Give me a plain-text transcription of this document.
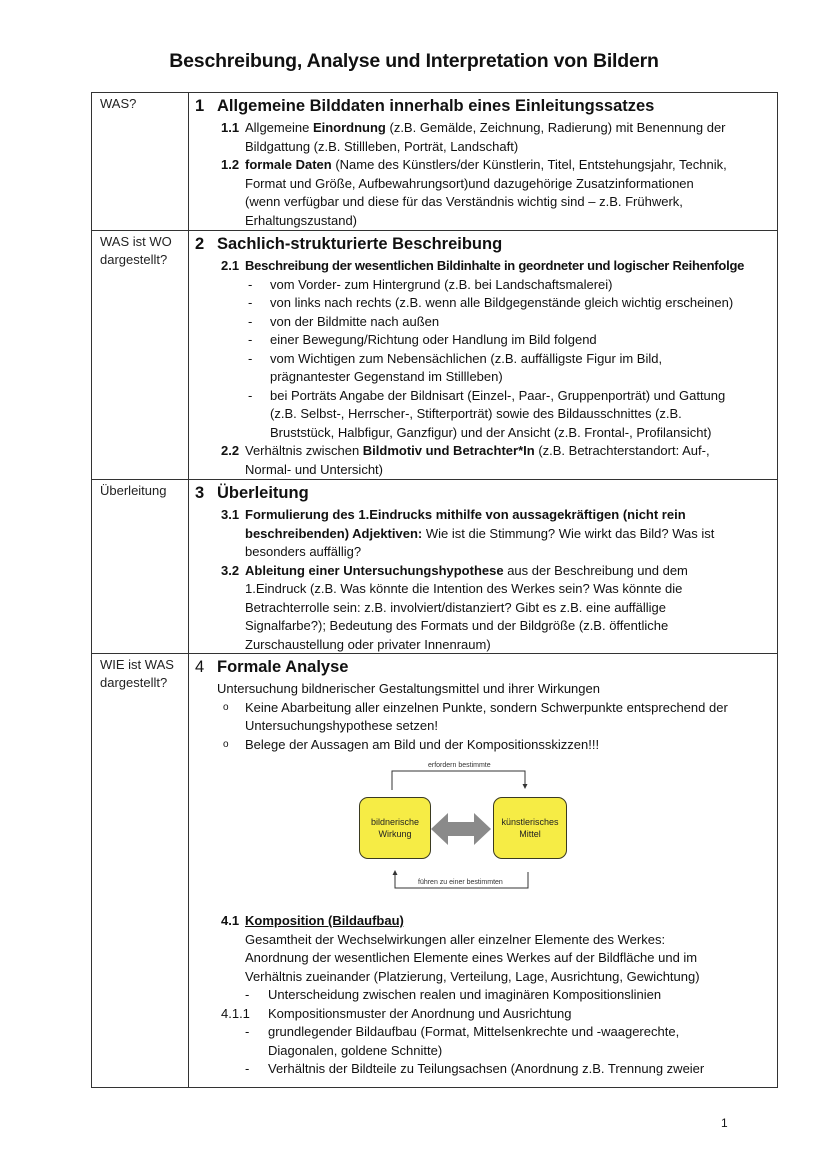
Beschreibung, Analyse und Interpretation von Bildern
WAS?	1 Allgemeine Bilddaten innerhalb eines Einleitungssatzes
1.1 Allgemeine Einordnung (z.B. Gemälde, Zeichnung, Radierung) mit Benennung der
Bildgattung (z.B. Stillleben, Porträt, Landschaft)
1.2 formale Daten (Name des Künstlers/der Künstlerin, Titel, Entstehungsjahr, Technik,
Format und Größe, Aufbewahrungsort)und dazugehörige Zusatzinformationen
(wenn verfügbar und diese für das Verständnis wichtig sind – z.B. Frühwerk,
Erhaltungszustand)
WAS ist WO dargestellt?
2 Sachlich-strukturierte Beschreibung
2.1 Beschreibung der wesentlichen Bildinhalte in geordneter und logischer Reihenfolge
- vom Vorder- zum Hintergrund (z.B. bei Landschaftsmalerei)
- von links nach rechts (z.B. wenn alle Bildgegenstände gleich wichtig erscheinen)
- von der Bildmitte nach außen
- einer Bewegung/Richtung oder Handlung im Bild folgend
- vom Wichtigen zum Nebensächlichen (z.B. auffälligste Figur im Bild,
prägnantester Gegenstand im Stillleben)
- bei Porträts Angabe der Bildnisart (Einzel-, Paar-, Gruppenporträt) und Gattung
(z.B. Selbst-, Herrscher-, Stifterporträt) sowie des Bildausschnittes (z.B.
Bruststück, Halbfigur, Ganzfigur) und der Ansicht (z.B. Frontal-, Profilansicht)
2.2 Verhältnis zwischen Bildmotiv und Betrachter*In (z.B. Betrachterstandort: Auf-,
Normal- und Untersicht)
Überleitung	3 Überleitung
3.1 Formulierung des 1.Eindrucks mithilfe von aussagekräftigen (nicht rein
beschreibenden) Adjektiven: Wie ist die Stimmung? Wie wirkt das Bild? Was ist
besonders auffällig?
3.2 Ableitung einer Untersuchungshypothese aus der Beschreibung und dem
1.Eindruck (z.B. Was könnte die Intention des Werkes sein? Was könnte die
Betrachterrolle sein: z.B. involviert/distanziert? Gibt es z.B. eine auffällige
Signalfarbe?); Bedeutung des Formats und der Bildgröße (z.B. öffentliche
Zurschaustellung oder privater Innenraum)
WIE ist WAS dargestellt?
4 Formale Analyse
Untersuchung bildnerischer Gestaltungsmittel und ihrer Wirkungen
o Keine Abarbeitung aller einzelnen Punkte, sondern Schwerpunkte entsprechend der
Untersuchungshypothese setzen!
o Belege der Aussagen am Bild und der Kompositionsskizzen!!!
4.1 Komposition (Bildaufbau)
Gesamtheit der Wechselwirkungen aller einzelner Elemente des Werkes:
Anordnung der wesentlichen Elemente eines Werkes auf der Bildfläche und im
Verhältnis zueinander (Platzierung, Verteilung, Lage, Ausrichtung, Gewichtung)
- Unterscheidung zwischen realen und imaginären Kompositionslinien
4.1.1 Kompositionsmuster der Anordnung und Ausrichtung
- grundlegender Bildaufbau (Format, Mittelsenkrechte und -waagerechte,
Diagonalen, goldene Schnitte)
- Verhältnis der Bildteile zu Teilungsachsen (Anordnung z.B. Trennung zweier
bildnerische Wirkung
künstlerisches Mittel
erfordern bestimmte
führen zu einer bestimmten
1
